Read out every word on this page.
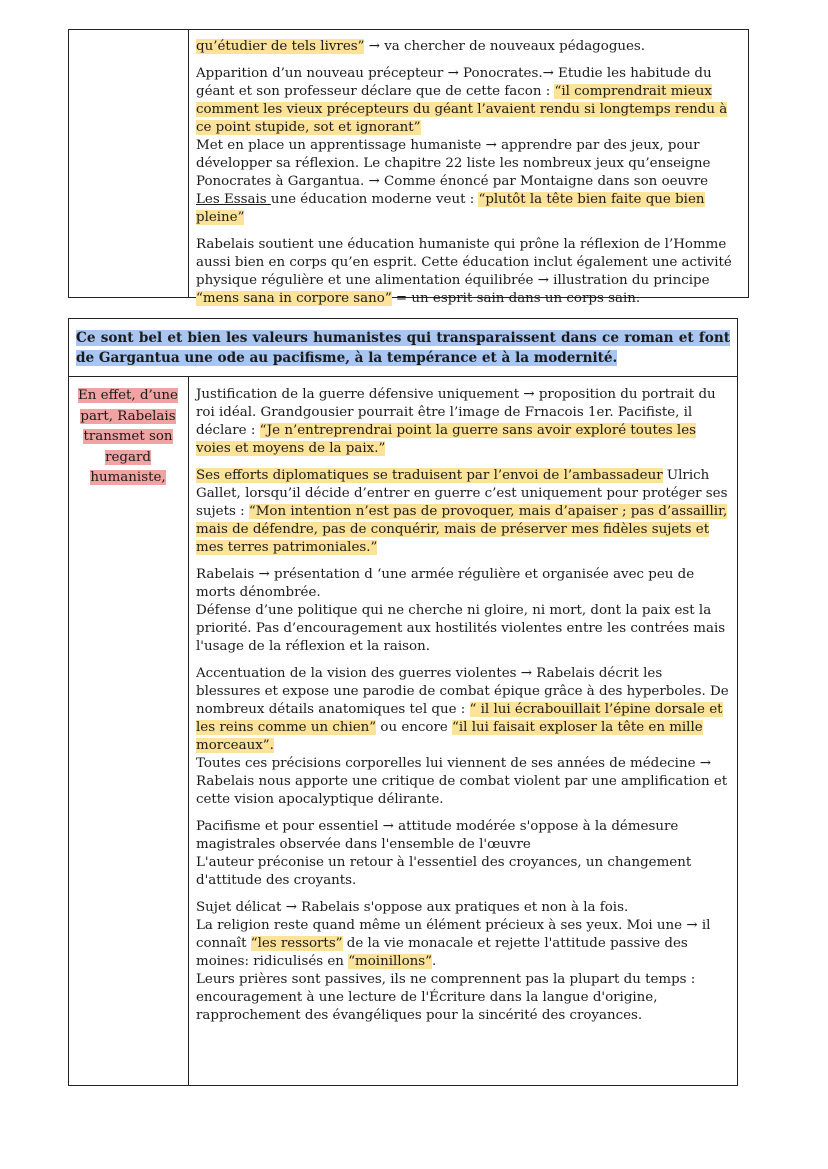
qu’étudier de tels livres” → va chercher de nouveaux pédagogues.

Apparition d’un nouveau précepteur → Ponocrates.→ Etudie les habitude du géant et son professeur déclare que de cette facon : “il comprendrait mieux comment les vieux précepteurs du géant l’avaient rendu si longtemps rendu à ce point stupide, sot et ignorant”
Met en place un apprentissage humaniste → apprendre par des jeux, pour développer sa réflexion. Le chapitre 22 liste les nombreux jeux qu’enseigne Ponocrates à Gargantua. → Comme énoncé par Montaigne dans son oeuvre Les Essais une éducation moderne veut : “plutôt la tête bien faite que bien pleine”

Rabelais soutient une éducation humaniste qui prône la réflexion de l’Homme aussi bien en corps qu’en esprit. Cette éducation inclut également une activité physique régulière et une alimentation équilibrée → illustration du principe “mens sana in corpore sano” = un esprit sain dans un corps sain.

Ce sont bel et bien les valeurs humanistes qui transparaissent dans ce roman et font de Gargantua une ode au pacifisme, à la tempérance et à la modernité.
En effet, d’une part, Rabelais transmet son regard humaniste,

Justification de la guerre défensive uniquement → proposition du portrait du roi idéal. Grandgousier pourrait être l’image de Frnacois 1er. Pacifiste, il déclare : “Je n’entreprendrai point la guerre sans avoir exploré toutes les voies et moyens de la paix.”

Ses efforts diplomatiques se traduisent par l’envoi de l’ambassadeur Ulrich Gallet, lorsqu’il décide d’entrer en guerre c’est uniquement pour protéger ses sujets : “Mon intention n’est pas de provoquer, mais d’apaiser ; pas d’assaillir, mais de défendre, pas de conquérir, mais de préserver mes fidèles sujets et mes terres patrimoniales.”

Rabelais → présentation d ‘une armée régulière et organisée avec peu de morts dénombrée.
Défense d’une politique qui ne cherche ni gloire, ni mort, dont la paix est la priorité. Pas d’encouragement aux hostilités violentes entre les contrées mais l'usage de la réflexion et la raison.

Accentuation de la vision des guerres violentes → Rabelais décrit les blessures et expose une parodie de combat épique grâce à des hyperboles. De nombreux détails anatomiques tel que : “ il lui écrabouillait l’épine dorsale et les reins comme un chien” ou encore “il lui faisait exploser la tête en mille morceaux”.
Toutes ces précisions corporelles lui viennent de ses années de médecine → Rabelais nous apporte une critique de combat violent par une amplification et cette vision apocalyptique délirante.

Pacifisme et pour essentiel → attitude modérée s'oppose à la démesure magistrales observée dans l'ensemble de l'œuvre
L'auteur préconise un retour à l'essentiel des croyances, un changement d'attitude des croyants.

Sujet délicat → Rabelais s'oppose aux pratiques et non à la fois.
La religion reste quand même un élément précieux à ses yeux. Moi une → il connaît “les ressorts” de la vie monacale et rejette l'attitude passive des moines: ridiculisés en “moinillons”.
Leurs prières sont passives, ils ne comprennent pas la plupart du temps : encouragement à une lecture de l'Écriture dans la langue d'origine, rapprochement des évangéliques pour la sincérité des croyances.
